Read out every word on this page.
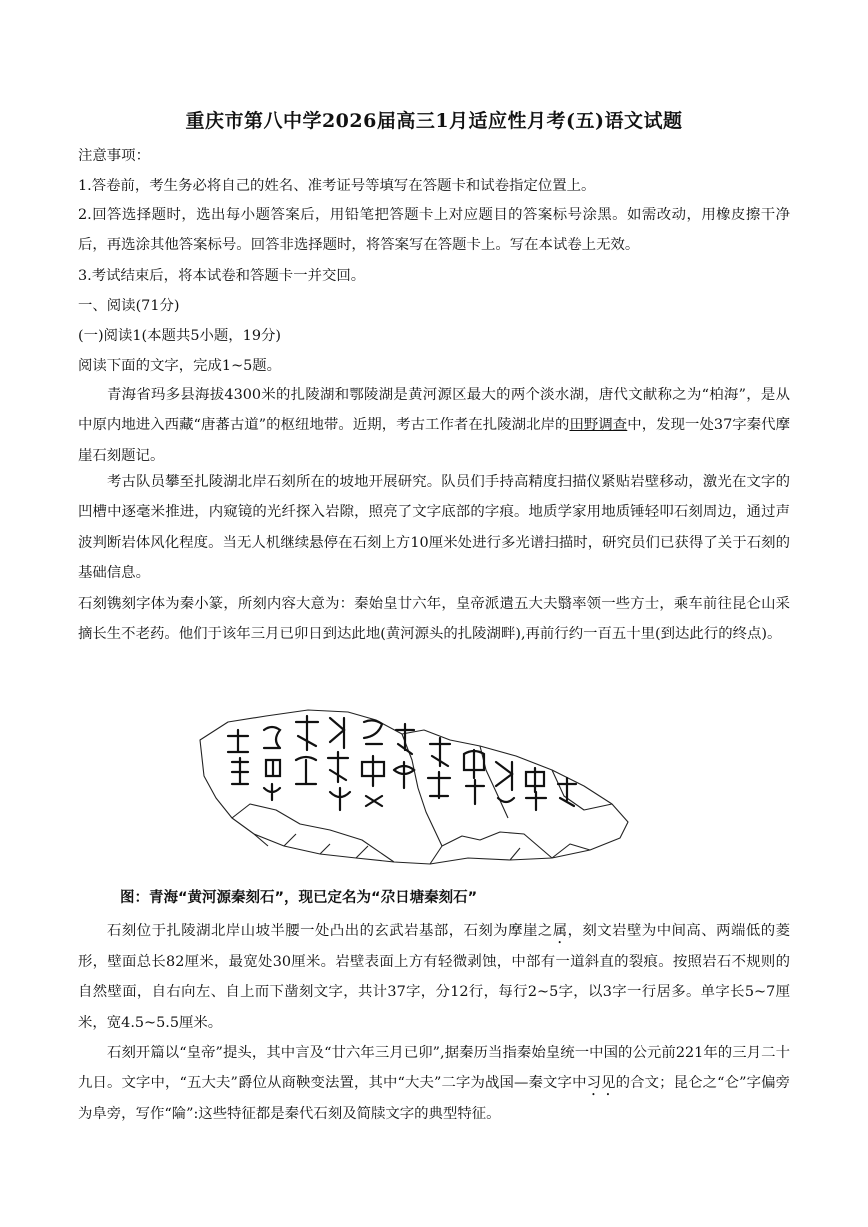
重庆市第八中学2026届高三1月适应性月考(五)语文试题
注意事项：
1.答卷前，考生务必将自己的姓名、准考证号等填写在答题卡和试卷指定位置上。
2.回答选择题时，选出每小题答案后，用铅笔把答题卡上对应题目的答案标号涂黑。如需改动，用橡皮擦干净后，再选涂其他答案标号。回答非选择题时，将答案写在答题卡上。写在本试卷上无效。
3.考试结束后，将本试卷和答题卡一并交回。
一、阅读(71分)
(一)阅读1(本题共5小题，19分)
阅读下面的文字，完成1~5题。
青海省玛多县海拔4300米的扎陵湖和鄂陵湖是黄河源区最大的两个淡水湖，唐代文献称之为“柏海”，是从中原内地进入西藏“唐蕃古道”的枢纽地带。近期，考古工作者在扎陵湖北岸的田野调查中，发现一处37字秦代摩崖石刻题记。
考古队员攀至扎陵湖北岸石刻所在的坡地开展研究。队员们手持高精度扫描仪紧贴岩壁移动，激光在文字的凹槽中逐毫米推进，内窥镜的光纤探入岩隙，照亮了文字底部的字痕。地质学家用地质锤轻叩石刻周边，通过声波判断岩体风化程度。当无人机继续悬停在石刻上方10厘米处进行多光谱扫描时，研究员们已获得了关于石刻的基础信息。
石刻镌刻字体为秦小篆，所刻内容大意为：秦始皇廿六年，皇帝派遣五大夫翳率领一些方士，乘车前往昆仑山采摘长生不老药。他们于该年三月已卯日到达此地(黄河源头的扎陵湖畔),再前行约一百五十里(到达此行的终点)。
图：青海“黄河源秦刻石”，现已定名为“尕日塘秦刻石”
石刻位于扎陵湖北岸山坡半腰一处凸出的玄武岩基部，石刻为摩崖之属，刻文岩壁为中间高、两端低的菱形，壁面总长82厘米，最宽处30厘米。岩壁表面上方有轻微剥蚀，中部有一道斜直的裂痕。按照岩石不规则的自然壁面，自右向左、自上而下凿刻文字，共计37字，分12行，每行2~5字，以3字一行居多。单字长5~7厘米，宽4.5~5.5厘米。
石刻开篇以“皇帝”提头，其中言及“廿六年三月已卯”,据秦历当指秦始皇统一中国的公元前221年的三月二十九日。文字中，“五大夫”爵位从商鞅变法置，其中“大夫”二字为战国—秦文字中习见的合文；昆仑之“仑”字偏旁为阜旁，写作“陯”:这些特征都是秦代石刻及简牍文字的典型特征。
